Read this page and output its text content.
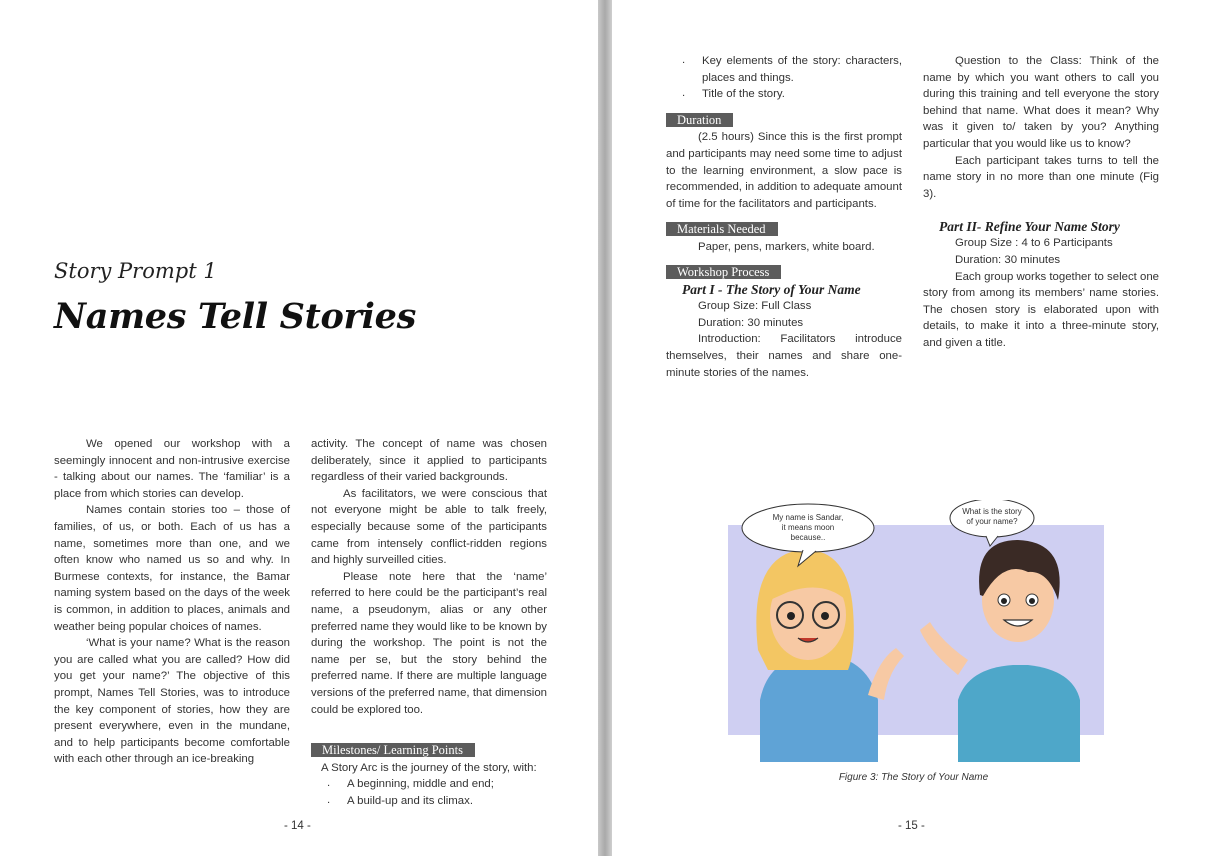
Story Prompt 1
Names Tell Stories

We opened our workshop with a seemingly innocent and non-intrusive exercise - talking about our names. The ‘familiar’ is a place from which stories can develop.

Names contain stories too – those of families, of us, or both. Each of us has a name, sometimes more than one, and we often know who named us so and why. In Burmese contexts, for instance, the Bamar naming system based on the days of the week is common, in addition to places, animals and weather being popular choices of names.

‘What is your name? What is the reason you are called what you are called? How did you get your name?’ The objective of this prompt, Names Tell Stories, was to introduce the key component of stories, how they are present everywhere, even in the mundane, and to help participants become comfortable with each other through an ice-breaking

activity. The concept of name was chosen deliberately, since it applied to participants regardless of their varied backgrounds.

As facilitators, we were conscious that not everyone might be able to talk freely, especially because some of the participants came from intensely conflict-ridden regions and highly surveilled cities.

Please note here that the ‘name’ referred to here could be the participant’s real name, a pseudonym, alias or any other preferred name they would like to be known by during the workshop. The point is not the name per se, but the story behind the preferred name. If there are multiple language versions of the preferred name, that dimension could be explored too.

Milestones/ Learning Points

A Story Arc is the journey of the story, with:

. A beginning, middle and end;

. A build-up and its climax.

- 14 -

. Key elements of the story: characters, places and things.

. Title of the story.

Duration

(2.5 hours) Since this is the first prompt and participants may need some time to adjust to the learning environment, a slow pace is recommended, in addition to adequate amount of time for the facilitators and participants.

Materials Needed

Paper, pens, markers, white board.

Workshop Process

Part I - The Story of Your Name

Group Size: Full Class

Duration: 30 minutes

Introduction: Facilitators introduce themselves, their names and share one-minute stories of the names.

Question to the Class: Think of the name by which you want others to call you during this training and tell everyone the story behind that name. What does it mean? Why was it given to/ taken by you? Anything particular that you would like us to know?

Each participant takes turns to tell the name story in no more than one minute (Fig 3).

Part II- Refine Your Name Story

Group Size : 4 to 6 Participants

Duration: 30 minutes

Each group works together to select one story from among its members’ name stories. The chosen story is elaborated upon with details, to make it into a three-minute story, and given a title.

My name is Sandar,
it means moon
because..
What is the story
of your name?
Figure 3: The Story of Your Name
- 15 -
